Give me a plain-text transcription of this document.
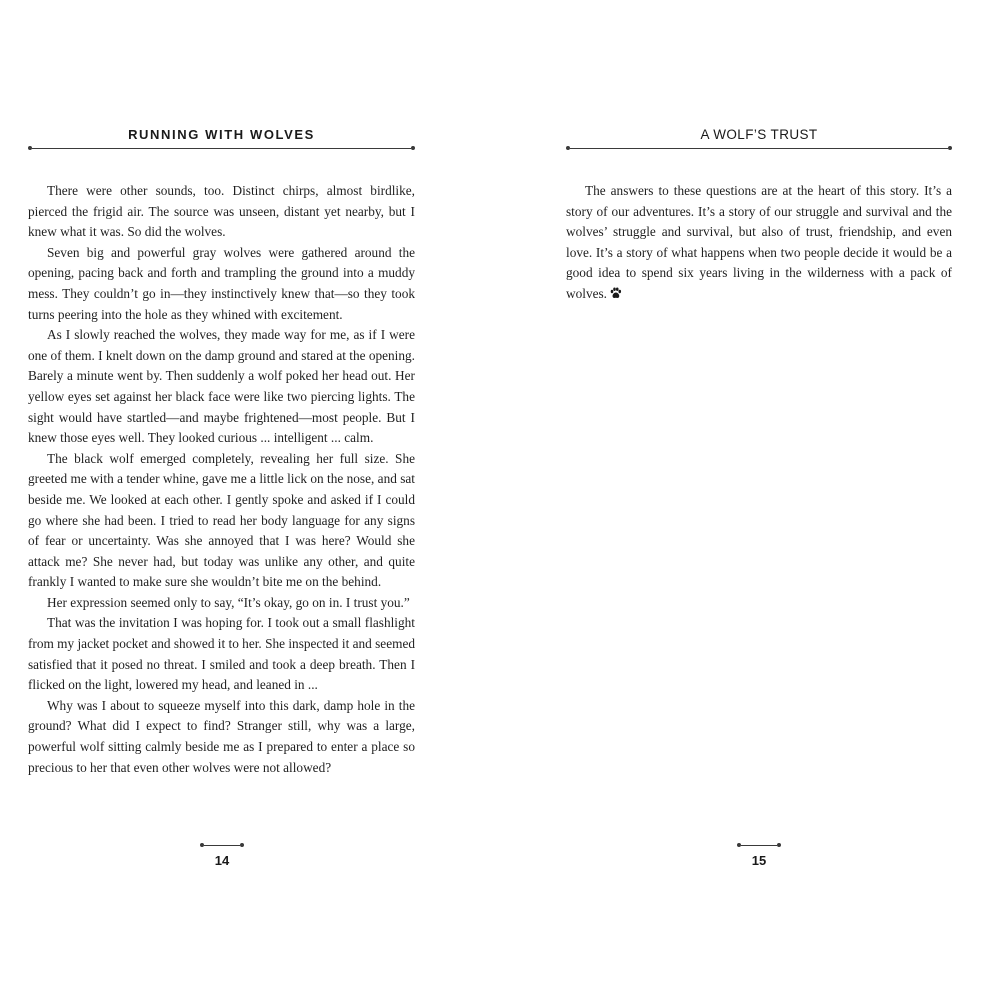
RUNNING WITH WOLVES

There were other sounds, too. Distinct chirps, almost birdlike, pierced the frigid air. The source was unseen, distant yet nearby, but I knew what it was. So did the wolves.

Seven big and powerful gray wolves were gathered around the opening, pacing back and forth and trampling the ground into a muddy mess. They couldn’t go in—they instinctively knew that—so they took turns peering into the hole as they whined with excitement.

As I slowly reached the wolves, they made way for me, as if I were one of them. I knelt down on the damp ground and stared at the opening. Barely a minute went by. Then suddenly a wolf poked her head out. Her yellow eyes set against her black face were like two piercing lights. The sight would have startled—and maybe frightened—most people. But I knew those eyes well. They looked curious ... intelligent ... calm.

The black wolf emerged completely, revealing her full size. She greeted me with a tender whine, gave me a little lick on the nose, and sat beside me. We looked at each other. I gently spoke and asked if I could go where she had been. I tried to read her body language for any signs of fear or uncertainty. Was she annoyed that I was here? Would she attack me? She never had, but today was unlike any other, and quite frankly I wanted to make sure she wouldn’t bite me on the behind.

Her expression seemed only to say, “It’s okay, go on in. I trust you.”

That was the invitation I was hoping for. I took out a small flashlight from my jacket pocket and showed it to her. She inspected it and seemed satisfied that it posed no threat. I smiled and took a deep breath. Then I flicked on the light, lowered my head, and leaned in ...

Why was I about to squeeze myself into this dark, damp hole in the ground? What did I expect to find? Stranger still, why was a large, powerful wolf sitting calmly beside me as I prepared to enter a place so precious to her that even other wolves were not allowed?

14
A WOLF’S TRUST

The answers to these questions are at the heart of this story. It’s a story of our adventures. It’s a story of our struggle and survival and the wolves’ struggle and survival, but also of trust, friendship, and even love. It’s a story of what happens when two people decide it would be a good idea to spend six years living in the wilderness with a pack of wolves.

15
